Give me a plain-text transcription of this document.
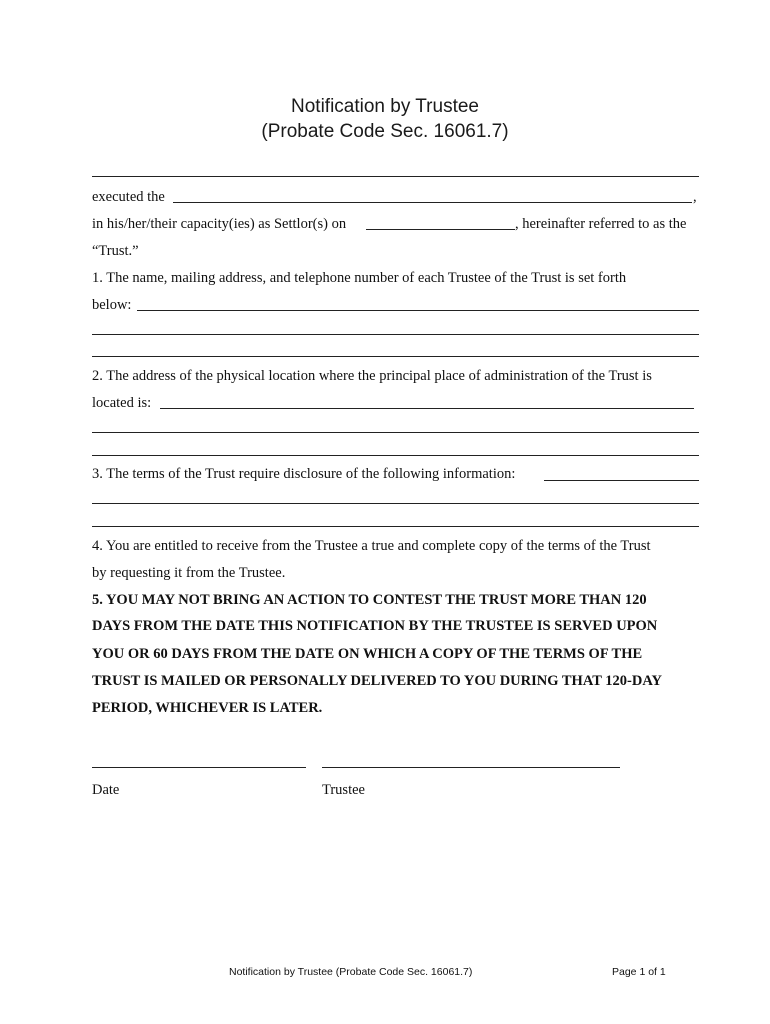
Notification by Trustee
(Probate Code Sec. 16061.7)
executed the	,
in his/her/their capacity(ies) as Settlor(s) on	, hereinafter referred to as the
“Trust.”
1. The name, mailing address, and telephone number of each Trustee of the Trust is set forth
below:
2. The address of the physical location where the principal place of administration of the Trust is
located is:
3. The terms of the Trust require disclosure of the following information:
4. You are entitled to receive from the Trustee a true and complete copy of the terms of the Trust
by requesting it from the Trustee.
5. YOU MAY NOT BRING AN ACTION TO CONTEST THE TRUST MORE THAN 120
DAYS FROM THE DATE THIS NOTIFICATION BY THE TRUSTEE IS SERVED UPON
YOU OR 60 DAYS FROM THE DATE ON WHICH A COPY OF THE TERMS OF THE
TRUST IS MAILED OR PERSONALLY DELIVERED TO YOU DURING THAT 120-DAY
PERIOD, WHICHEVER IS LATER.
Date	Trustee
Notification by Trustee (Probate Code Sec. 16061.7)	Page 1 of 1
